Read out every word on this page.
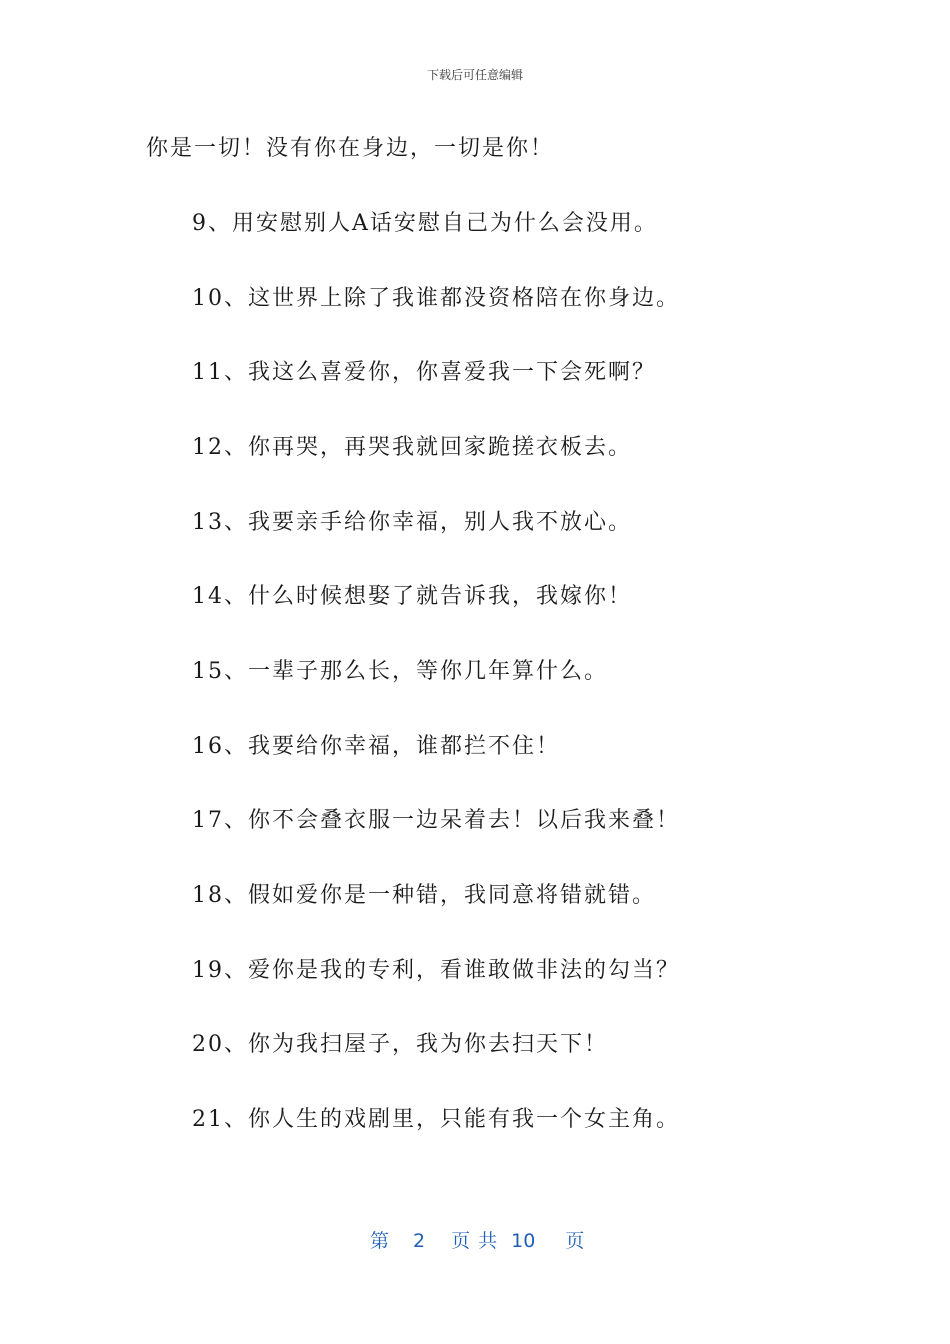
下载后可任意编辑
你是一切！没有你在身边，一切是你！
9、用安慰别人A话安慰自己为什么会没用。
10、这世界上除了我谁都没资格陪在你身边。
11、我这么喜爱你，你喜爱我一下会死啊？
12、你再哭，再哭我就回家跪搓衣板去。
13、我要亲手给你幸福，别人我不放心。
14、什么时候想娶了就告诉我，我嫁你！
15、一辈子那么长，等你几年算什么。
16、我要给你幸福，谁都拦不住！
17、你不会叠衣服一边呆着去！以后我来叠！
18、假如爱你是一种错，我同意将错就错。
19、爱你是我的专利，看谁敢做非法的勾当？
20、你为我扫屋子，我为你去扫天下！
21、你人生的戏剧里，只能有我一个女主角。
第 2 页 共 10 页
